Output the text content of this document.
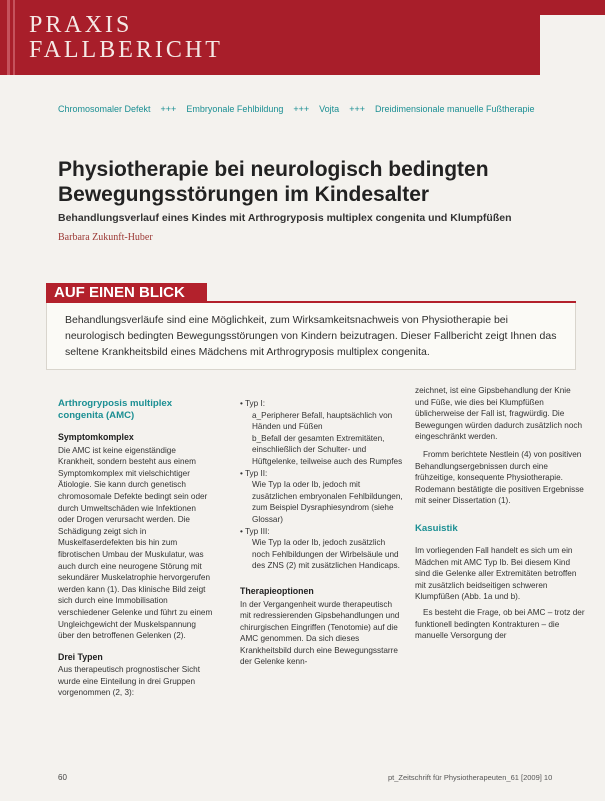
PRAXIS
FALLBERICHT
Chromosomaler Defekt +++ Embryonale Fehlbildung +++ Vojta +++ Dreidimensionale manuelle Fußtherapie
Physiotherapie bei neurologisch bedingten Bewegungsstörungen im Kindesalter
Behandlungsverlauf eines Kindes mit Arthrogryposis multiplex congenita und Klumpfüßen
Barbara Zukunft-Huber
AUF EINEN BLICK
Behandlungsverläufe sind eine Möglichkeit, zum Wirksamkeitsnachweis von Physiotherapie bei neurologisch bedingten Bewegungsstörungen von Kindern beizutragen. Dieser Fallbericht zeigt Ihnen das seltene Krankheitsbild eines Mädchens mit Arthrogryposis multiplex congenita.
Arthrogryposis multiplex congenita (AMC)
Symptomkomplex

Die AMC ist keine eigenständige Krankheit, sondern besteht aus einem Symptomkomplex mit vielschichtiger Ätiologie. Sie kann durch genetisch chromosomale Defekte bedingt sein oder durch Umweltschäden wie Infektionen oder Drogen verursacht werden. Die Schädigung zeigt sich in Muskelfaserdefekten bis hin zum fibrotischen Umbau der Muskulatur, was auch durch eine neurogene Störung mit sekundärer Muskelatrophie hervorgerufen werden kann (1). Das klinische Bild zeigt sich durch eine Immobilisation verschiedener Gelenke und führt zu einem Ungleichgewicht der Muskelspannung über den betroffenen Gelenken (2).

Drei Typen

Aus therapeutisch prognostischer Sicht wurde eine Einteilung in drei Gruppen vorgenommen (2, 3):

• Typ I:

a_Peripherer Befall, hauptsächlich von Händen und Füßen

b_Befall der gesamten Extremitäten, einschließlich der Schulter- und Hüftgelenke, teilweise auch des Rumpfes

• Typ II:

Wie Typ Ia oder Ib, jedoch mit zusätzlichen embryonalen Fehlbildungen, zum Beispiel Dysraphiesyndrom (siehe Glossar)

• Typ III:

Wie Typ Ia oder Ib, jedoch zusätzlich noch Fehlbildungen der Wirbelsäule und des ZNS (2) mit zusätzlichen Handicaps.

Therapieoptionen

In der Vergangenheit wurde therapeutisch mit redressierenden Gipsbehandlungen und chirurgischen Eingriffen (Tenotomie) auf die AMC genommen. Da sich dieses Krankheitsbild durch eine Bewegungsstarre der Gelenke kenn-

zeichnet, ist eine Gipsbehandlung der Knie und Füße, wie dies bei Klumpfüßen üblicherweise der Fall ist, fragwürdig. Die Bewegungen würden dadurch zusätzlich noch eingeschränkt werden.

Fromm berichtete Nestlein (4) von positiven Behandlungsergebnissen durch eine frühzeitige, konsequente Physiotherapie. Rodemann bestätigte die positiven Ergebnisse mit seiner Dissertation (1).

Kasuistik

Im vorliegenden Fall handelt es sich um ein Mädchen mit AMC Typ Ib. Bei diesem Kind sind die Gelenke aller Extremitäten betroffen mit zusätzlich beidseitigen schweren Klumpfüßen (Abb. 1a und b).

Es besteht die Frage, ob bei AMC – trotz der funktionell bedingten Kontrakturen – die manuelle Versorgung der

60	pt_Zeitschrift für Physiotherapeuten_61 [2009] 10
